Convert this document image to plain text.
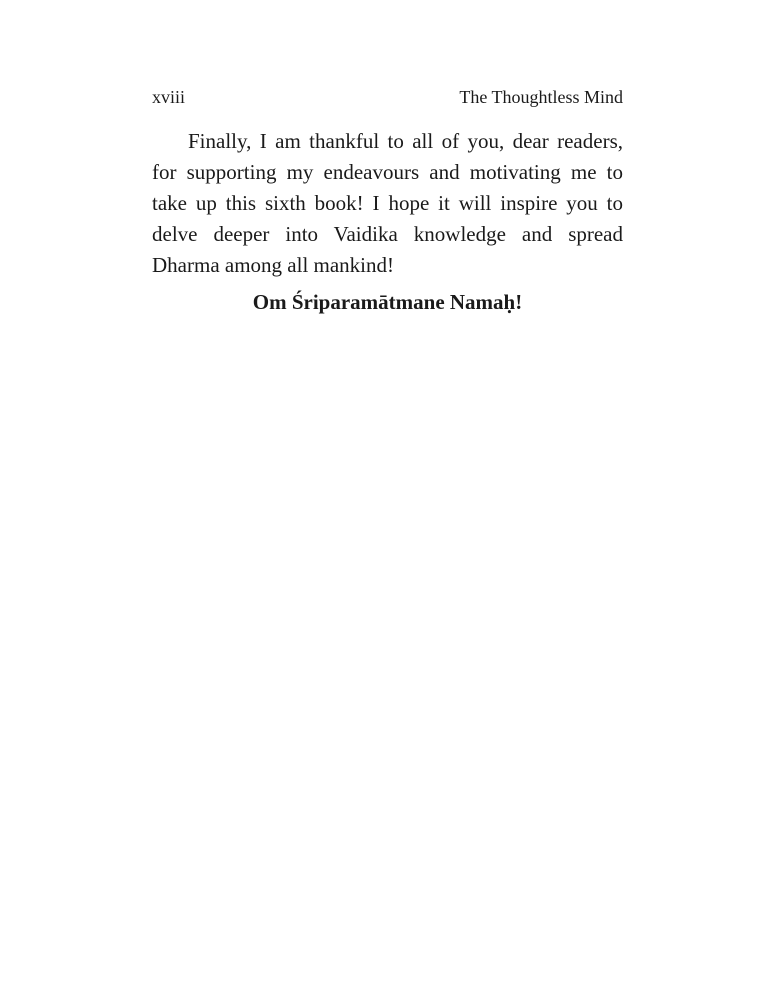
xviii	The Thoughtless Mind

Finally, I am thankful to all of you, dear readers, for supporting my endeavours and motivating me to take up this sixth book! I hope it will inspire you to delve deeper into Vaidika knowledge and spread Dharma among all mankind!

Om Śriparamātmane Namaḥ!
